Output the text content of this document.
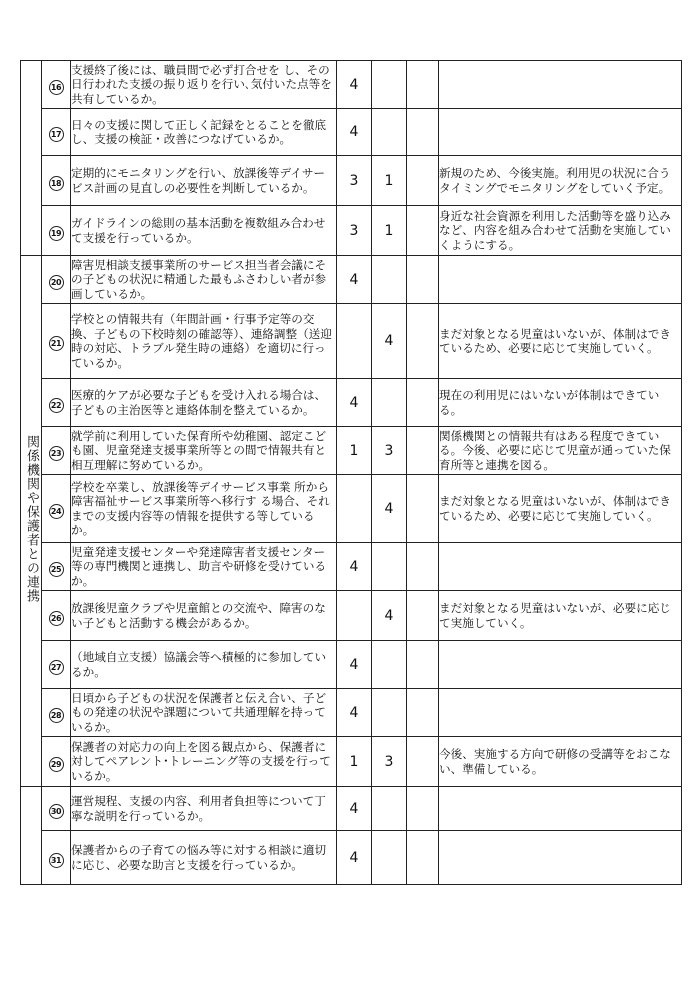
	16	支援終了後には、職員間で必ず打合せを し、その日行われた支援の振り返りを行い､気付いた点等を共有しているか。	4			
	17	日々の支援に関して正しく記録をとることを徹底し、支援の検証・改善につなげているか。	4			
	18	定期的にモニタリングを行い、放課後等デイサービス計画の見直しの必要性を判断しているか。	3	1		新規のため、今後実施。利用児の状況に合うタイミングでモニタリングをしていく予定。
	19	ガイドラインの総則の基本活動を複数組み合わせて支援を行っているか。	3	1		身近な社会資源を利用した活動等を盛り込みなど、内容を組み合わせて活動を実施していくようにする。
関係機関や保護者との連携	20	障害児相談支援事業所のサービス担当者会議にその子どもの状況に精通した最もふさわしい者が参画しているか。	4			
	21	学校との情報共有（年間計画・行事予定等の交換、子どもの下校時刻の確認等）、連絡調整（送迎時の対応、トラブル発生時の連絡）を適切に行っているか。		4		まだ対象となる児童はいないが、体制はできているため、必要に応じて実施していく。
	22	医療的ケアが必要な子どもを受け入れる場合は、子どもの主治医等と連絡体制を整えているか。	4			現在の利用児にはいないが体制はできている。
	23	就学前に利用していた保育所や幼稚園、認定こども園、児童発達支援事業所等との間で情報共有と相互理解に努めているか。	1	3		関係機関との情報共有はある程度できている。今後、必要に応じて児童が通っていた保育所等と連携を図る。
	24	学校を卒業し、放課後等デイサービス事業 所から障害福祉サービス事業所等へ移行す る場合、それまでの支援内容等の情報を提供する等しているか。		4		まだ対象となる児童はいないが、体制はできているため、必要に応じて実施していく。
	25	児童発達支援センターや発達障害者支援センター等の専門機関と連携し、助言や研修を受けているか。	4			
	26	放課後児童クラブや児童館との交流や、障害のない子どもと活動する機会があるか。		4		まだ対象となる児童はいないが、必要に応じて実施していく。
	27	（地域自立支援）協議会等へ積極的に参加しているか。	4			
	28	日頃から子どもの状況を保護者と伝え合い、子どもの発達の状況や課題について共通理解を持っているか。	4			
	29	保護者の対応力の向上を図る観点から、保護者に対してペアレント･トレーニング等の支援を行っているか。	1	3		今後、実施する方向で研修の受講等をおこない、準備している。
	30	運営規程、支援の内容、利用者負担等について丁寧な説明を行っているか。	4			
	31	保護者からの子育ての悩み等に対する相談に適切に応じ、必要な助言と支援を行っているか。	4			
